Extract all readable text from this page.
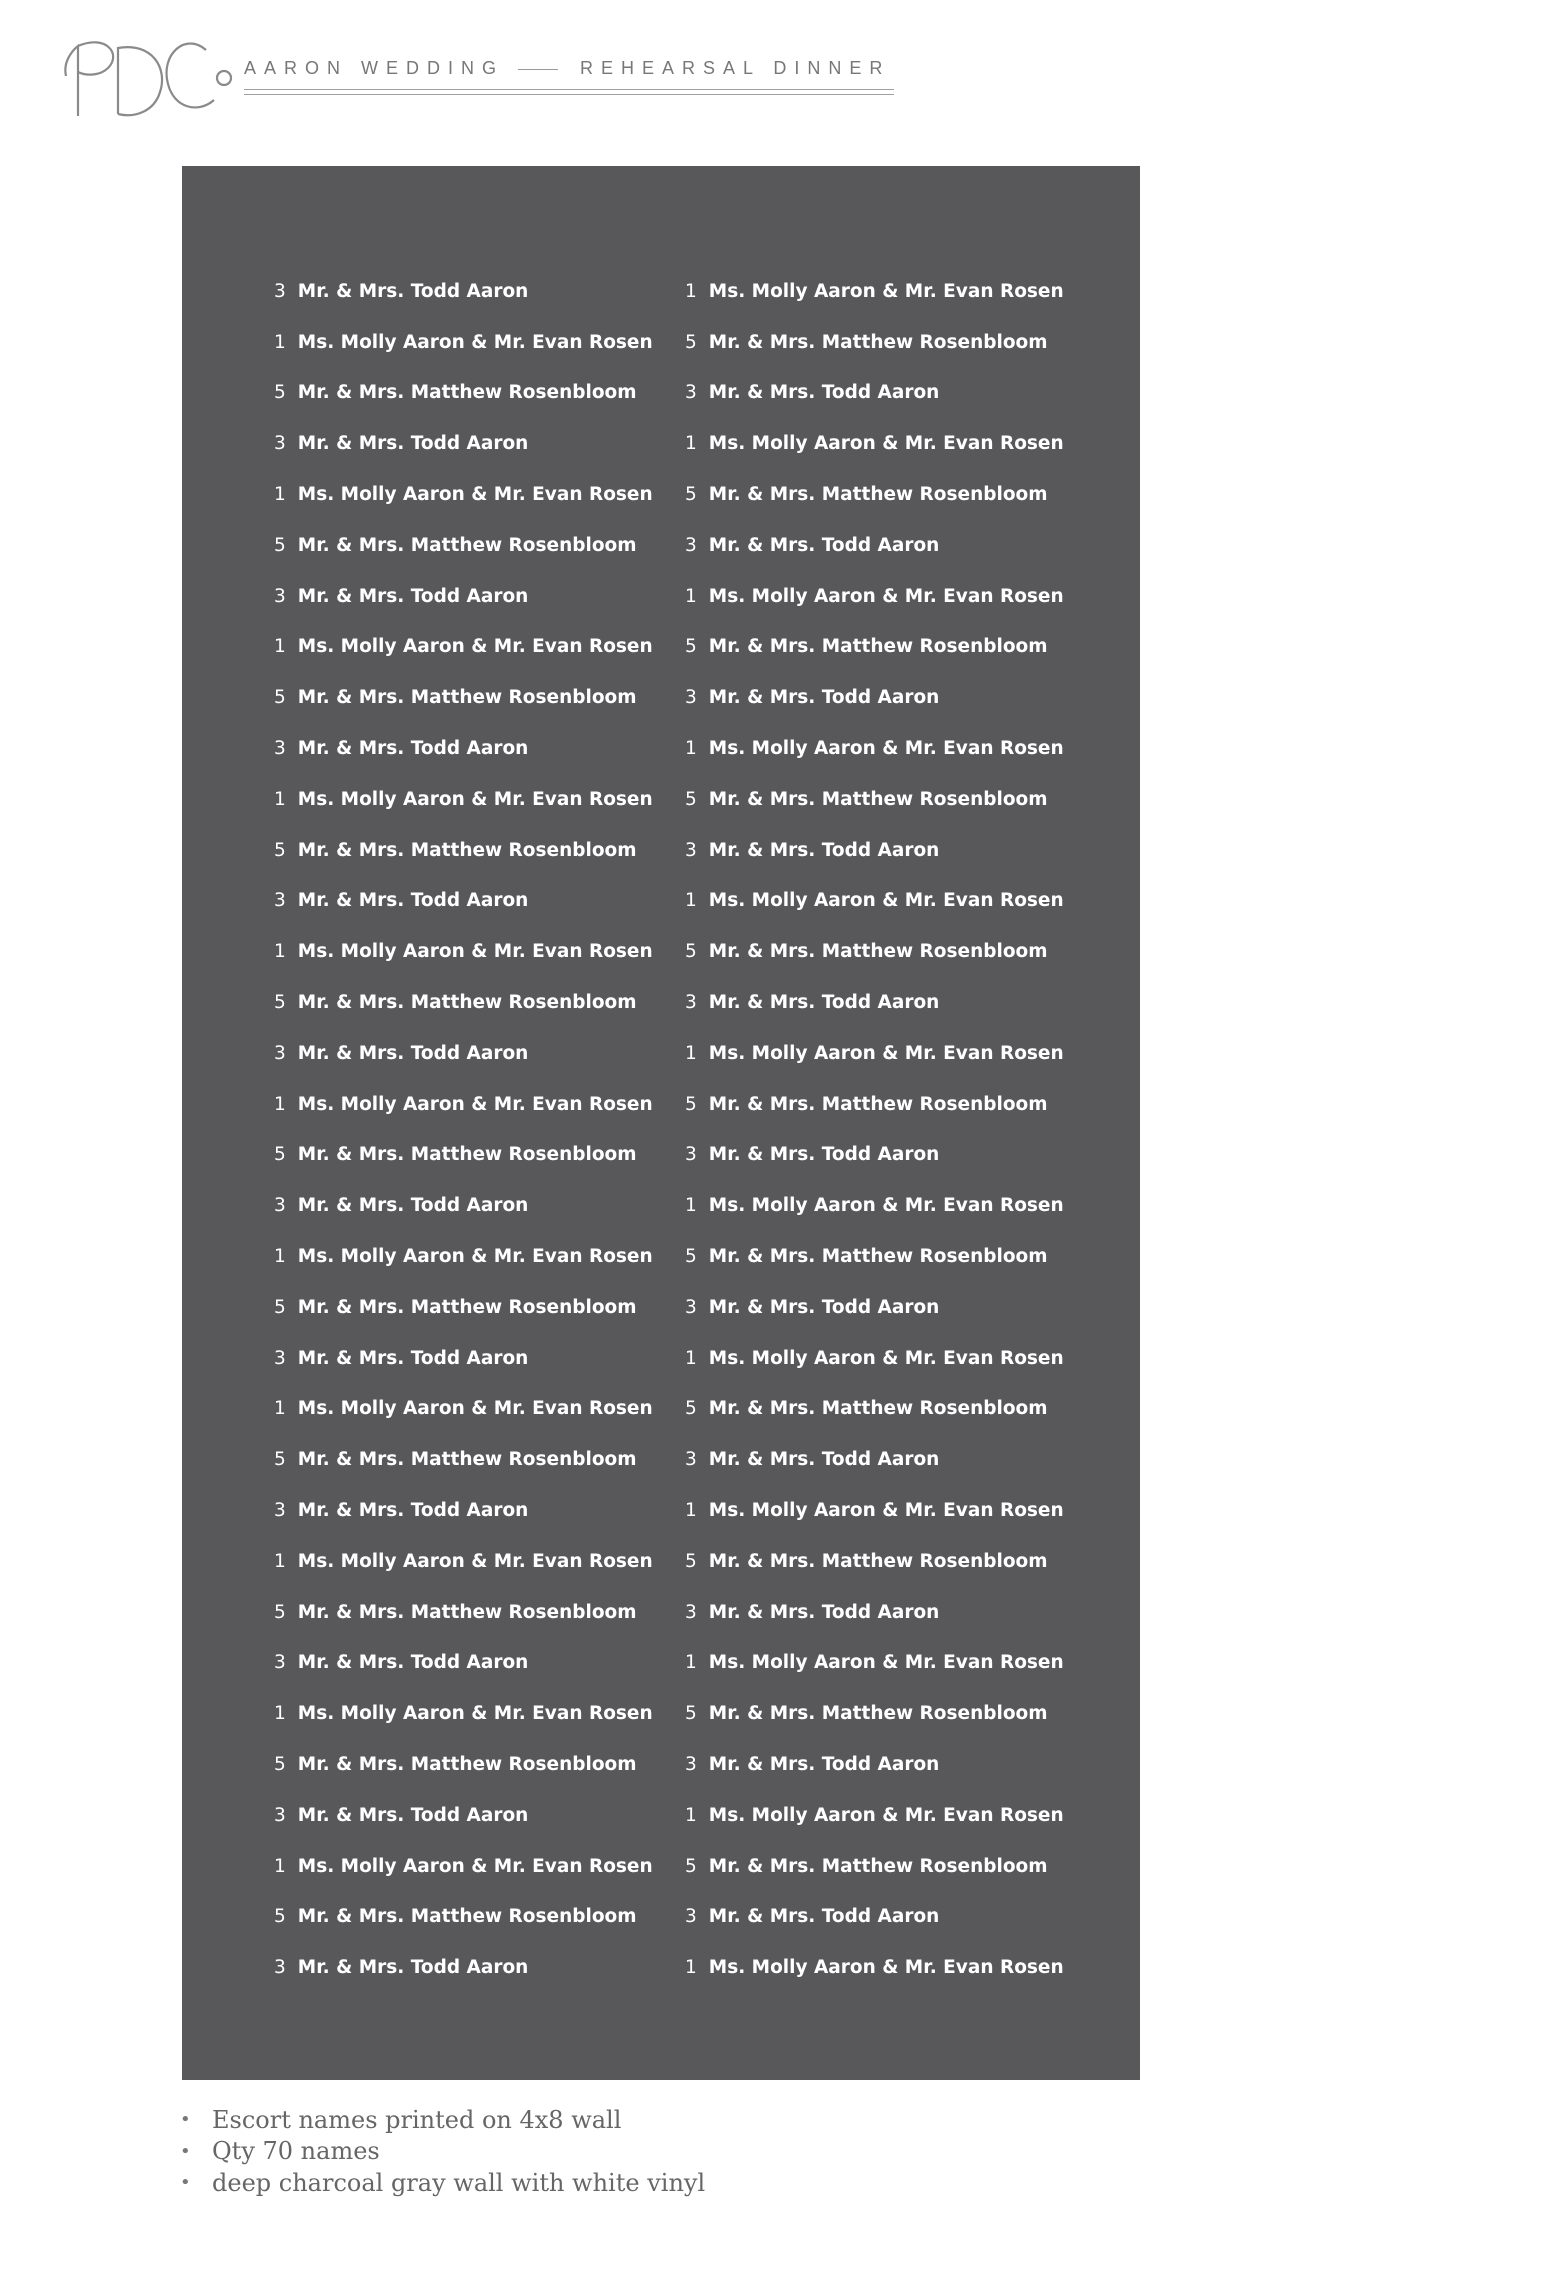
AARON WEDDING	REHEARSAL DINNER
3 Mr. & Mrs. Todd Aaron
1 Ms. Molly Aaron & Mr. Evan Rosen
5 Mr. & Mrs. Matthew Rosenbloom
3 Mr. & Mrs. Todd Aaron
1 Ms. Molly Aaron & Mr. Evan Rosen
5 Mr. & Mrs. Matthew Rosenbloom
3 Mr. & Mrs. Todd Aaron
1 Ms. Molly Aaron & Mr. Evan Rosen
5 Mr. & Mrs. Matthew Rosenbloom
3 Mr. & Mrs. Todd Aaron
1 Ms. Molly Aaron & Mr. Evan Rosen
5 Mr. & Mrs. Matthew Rosenbloom
3 Mr. & Mrs. Todd Aaron
1 Ms. Molly Aaron & Mr. Evan Rosen
5 Mr. & Mrs. Matthew Rosenbloom
3 Mr. & Mrs. Todd Aaron
1 Ms. Molly Aaron & Mr. Evan Rosen
5 Mr. & Mrs. Matthew Rosenbloom
3 Mr. & Mrs. Todd Aaron
1 Ms. Molly Aaron & Mr. Evan Rosen
5 Mr. & Mrs. Matthew Rosenbloom
3 Mr. & Mrs. Todd Aaron
1 Ms. Molly Aaron & Mr. Evan Rosen
5 Mr. & Mrs. Matthew Rosenbloom
3 Mr. & Mrs. Todd Aaron
1 Ms. Molly Aaron & Mr. Evan Rosen
5 Mr. & Mrs. Matthew Rosenbloom
3 Mr. & Mrs. Todd Aaron
1 Ms. Molly Aaron & Mr. Evan Rosen
5 Mr. & Mrs. Matthew Rosenbloom
3 Mr. & Mrs. Todd Aaron
1 Ms. Molly Aaron & Mr. Evan Rosen
5 Mr. & Mrs. Matthew Rosenbloom
3 Mr. & Mrs. Todd Aaron
1 Ms. Molly Aaron & Mr. Evan Rosen
5 Mr. & Mrs. Matthew Rosenbloom
3 Mr. & Mrs. Todd Aaron
1 Ms. Molly Aaron & Mr. Evan Rosen
5 Mr. & Mrs. Matthew Rosenbloom
3 Mr. & Mrs. Todd Aaron
1 Ms. Molly Aaron & Mr. Evan Rosen
5 Mr. & Mrs. Matthew Rosenbloom
3 Mr. & Mrs. Todd Aaron
1 Ms. Molly Aaron & Mr. Evan Rosen
5 Mr. & Mrs. Matthew Rosenbloom
3 Mr. & Mrs. Todd Aaron
1 Ms. Molly Aaron & Mr. Evan Rosen
5 Mr. & Mrs. Matthew Rosenbloom
3 Mr. & Mrs. Todd Aaron
1 Ms. Molly Aaron & Mr. Evan Rosen
5 Mr. & Mrs. Matthew Rosenbloom
3 Mr. & Mrs. Todd Aaron
1 Ms. Molly Aaron & Mr. Evan Rosen
5 Mr. & Mrs. Matthew Rosenbloom
3 Mr. & Mrs. Todd Aaron
1 Ms. Molly Aaron & Mr. Evan Rosen
5 Mr. & Mrs. Matthew Rosenbloom
3 Mr. & Mrs. Todd Aaron
1 Ms. Molly Aaron & Mr. Evan Rosen
5 Mr. & Mrs. Matthew Rosenbloom
3 Mr. & Mrs. Todd Aaron
1 Ms. Molly Aaron & Mr. Evan Rosen
5 Mr. & Mrs. Matthew Rosenbloom
3 Mr. & Mrs. Todd Aaron
1 Ms. Molly Aaron & Mr. Evan Rosen
5 Mr. & Mrs. Matthew Rosenbloom
3 Mr. & Mrs. Todd Aaron
1 Ms. Molly Aaron & Mr. Evan Rosen
• Escort names printed on 4x8 wall
• Qty 70 names
• deep charcoal gray wall with white vinyl
